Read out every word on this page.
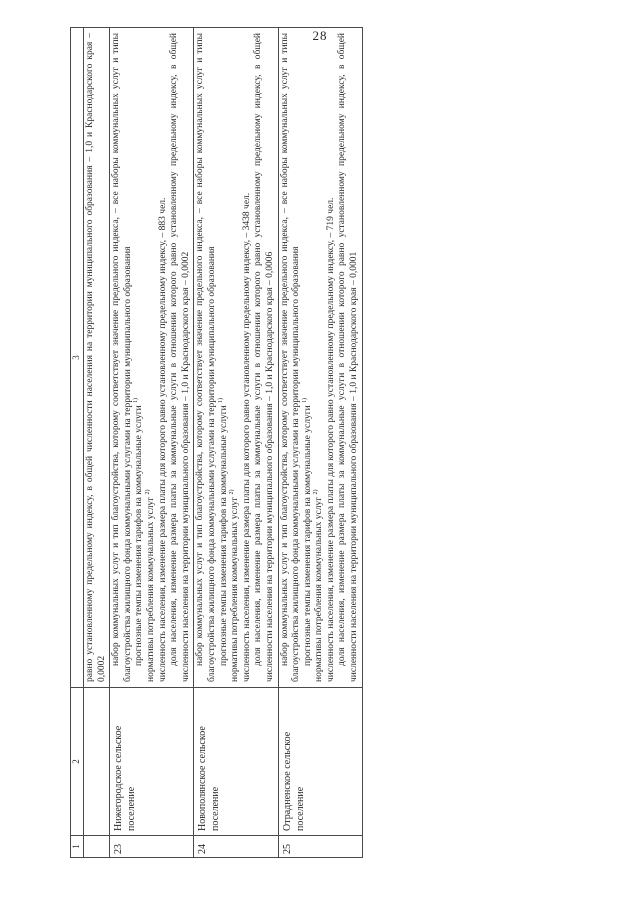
28
1	2	3

		равно установленному предельному индексу, в общей численности населения на территории муниципального образования – 1,0 и Краснодарского края – 0,0002

23	Нижегородское сельское поселение	набор коммунальных услуг и тип благоустройства, которому соответствует значение предельного индекса, – все наборы коммунальных услуг и типы благоустройства жилищного фонда коммунальными услугами на территории муниципального образования прогнозные темпы изменения тарифов на коммунальные услуги $^{1)}$

нормативы потребления коммунальных услуг $^{2)}$ численность населения, изменение размера платы для которого равно установленному предельному индексу, – 883 чел. доля населения, изменение размера платы за коммунальные услуги в отношении которого равно установленному предельному индексу, в общей численности населения на территории муниципального образования – 1,0 и Краснодарского края – 0,0002

24	Новополянское сельское поселение	набор коммунальных услуг и тип благоустройства, которому соответствует значение предельного индекса, – все наборы коммунальных услуг и типы благоустройства жилищного фонда коммунальными услугами на территории муниципального образования прогнозные темпы изменения тарифов на коммунальные услуги $^{1)}$

нормативы потребления коммунальных услуг $^{2)}$ численность населения, изменение размера платы для которого равно установленному предельному индексу, – 3438 чел. доля населения, изменение размера платы за коммунальные услуги в отношении которого равно установленному предельному индексу, в общей численности населения на территории муниципального образования – 1,0 и Краснодарского края – 0,0006

25	Отрадненское сельское поселение	набор коммунальных услуг и тип благоустройства, которому соответствует значение предельного индекса, – все наборы коммунальных услуг и типы благоустройства жилищного фонда коммунальными услугами на территории муниципального образования прогнозные темпы изменения тарифов на коммунальные услуги $^{1)}$

нормативы потребления коммунальных услуг $^{2)}$ численность населения, изменение размера платы для которого равно установленному предельному индексу, – 719 чел. доля населения, изменение размера платы за коммунальные услуги в отношении которого равно установленному предельному индексу, в общей численности населения на территории муниципального образования – 1,0 и Краснодарского края – 0,0001
